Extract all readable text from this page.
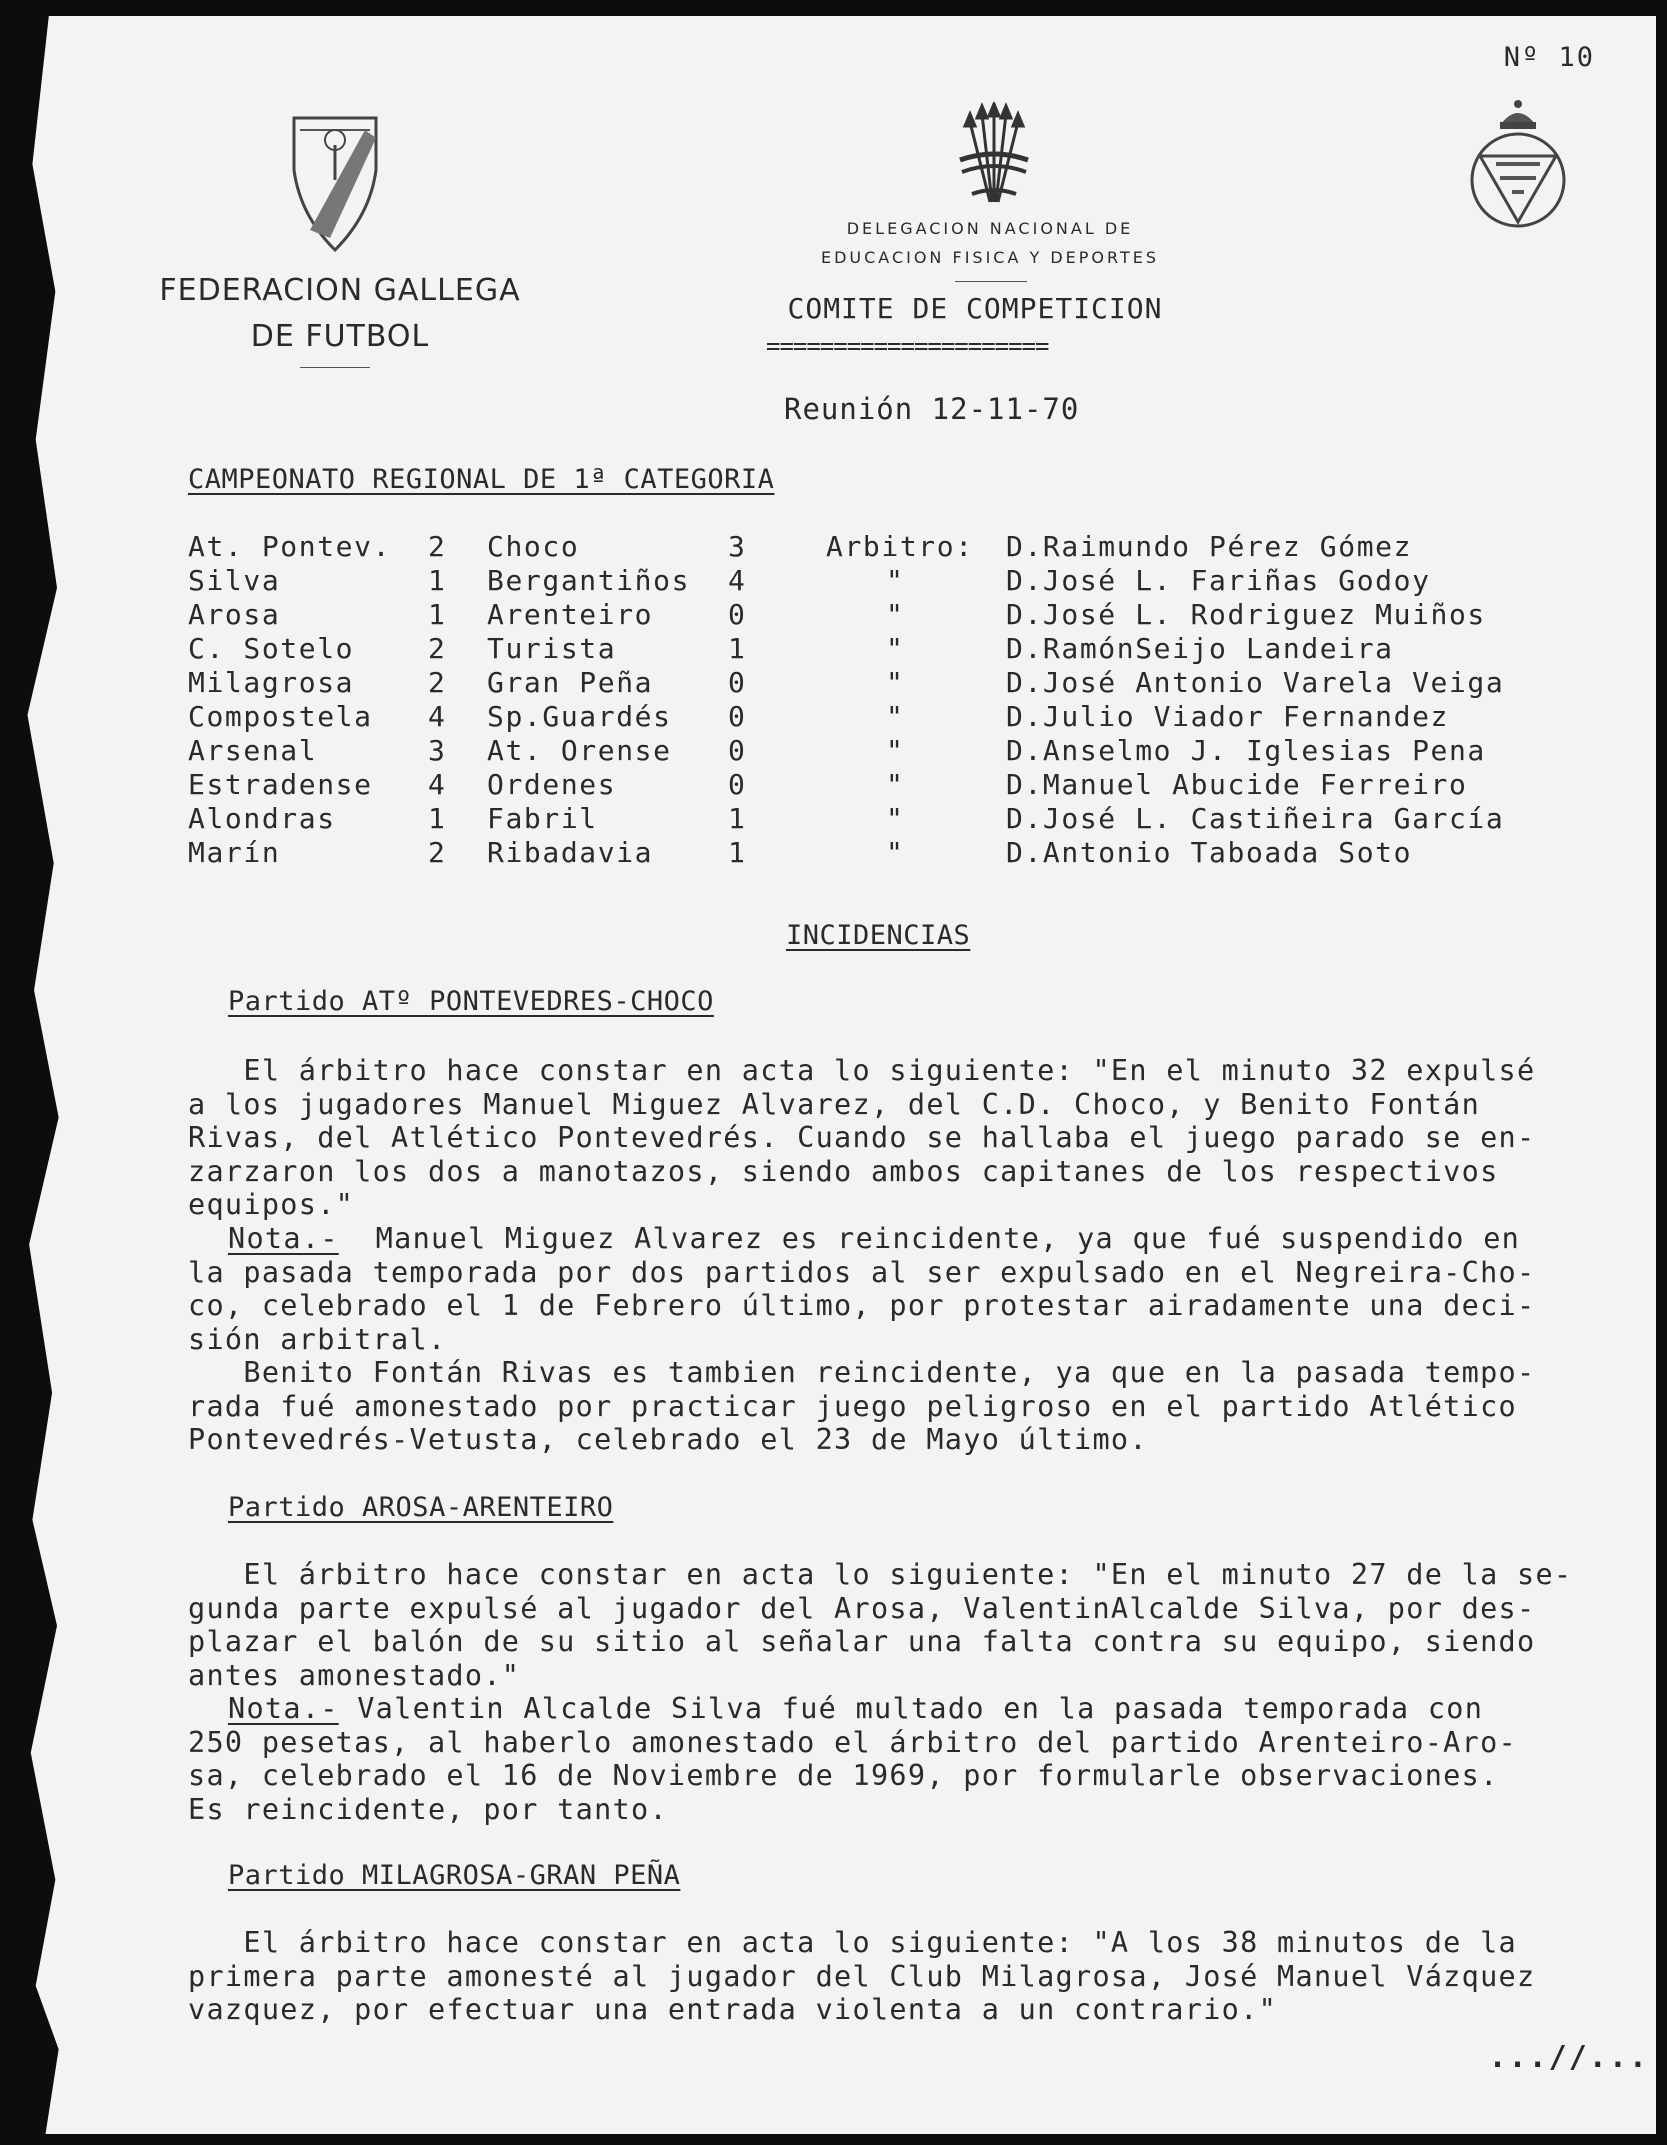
Nº 10
FEDERACION GALLEGA
DE FUTBOL
DELEGACION NACIONAL DE
EDUCACION FISICA Y DEPORTES
COMITE DE COMPETICION
=====================
Reunión 12-11-70
CAMPEONATO REGIONAL DE 1ª CATEGORIA
At. Pontev. 2 Choco	3	Arbitro: D.Raimundo Pérez Gómez
Silva	1 Bergantiños 4	"	D.José L. Fariñas Godoy
Arosa	1 Arenteiro	0	"	D.José L. Rodriguez Muiños
C. Sotelo	2 Turista	1	"	D.RamónSeijo Landeira
Milagrosa	2 Gran Peña	0	"	D.José Antonio Varela Veiga
Compostela 4 Sp.Guardés 0	"	D.Julio Viador Fernandez
Arsenal	3 At. Orense 0	"	D.Anselmo J. Iglesias Pena
Estradense 4 Ordenes	0	"	D.Manuel Abucide Ferreiro
Alondras	1 Fabril	1	"	D.José L. Castiñeira García
Marín	2 Ribadavia	1	"	D.Antonio Taboada Soto
INCIDENCIAS
Partido ATº PONTEVEDRES-CHOCO
El árbitro hace constar en acta lo siguiente: "En el minuto 32 expulsé
a los jugadores Manuel Miguez Alvarez, del C.D. Choco, y Benito Fontán
Rivas, del Atlético Pontevedrés. Cuando se hallaba el juego parado se en-
zarzaron los dos a manotazos, siendo ambos capitanes de los respectivos
equipos."
Nota.-  Manuel Miguez Alvarez es reincidente, ya que fué suspendido en
la pasada temporada por dos partidos al ser expulsado en el Negreira-Cho-
co, celebrado el 1 de Febrero último, por protestar airadamente una deci-
sión arbitral.
Benito Fontán Rivas es tambien reincidente, ya que en la pasada tempo-
rada fué amonestado por practicar juego peligroso en el partido Atlético
Pontevedrés-Vetusta, celebrado el 23 de Mayo último.
Partido AROSA-ARENTEIRO
El árbitro hace constar en acta lo siguiente: "En el minuto 27 de la se-
gunda parte expulsé al jugador del Arosa, ValentinAlcalde Silva, por des-
plazar el balón de su sitio al señalar una falta contra su equipo, siendo
antes amonestado."
Nota.- Valentin Alcalde Silva fué multado en la pasada temporada con
250 pesetas, al haberlo amonestado el árbitro del partido Arenteiro-Aro-
sa, celebrado el 16 de Noviembre de 1969, por formularle observaciones.
Es reincidente, por tanto.
Partido MILAGROSA-GRAN PEÑA
El árbitro hace constar en acta lo siguiente: "A los 38 minutos de la
primera parte amonesté al jugador del Club Milagrosa, José Manuel Vázquez
vazquez, por efectuar una entrada violenta a un contrario."
...//...
